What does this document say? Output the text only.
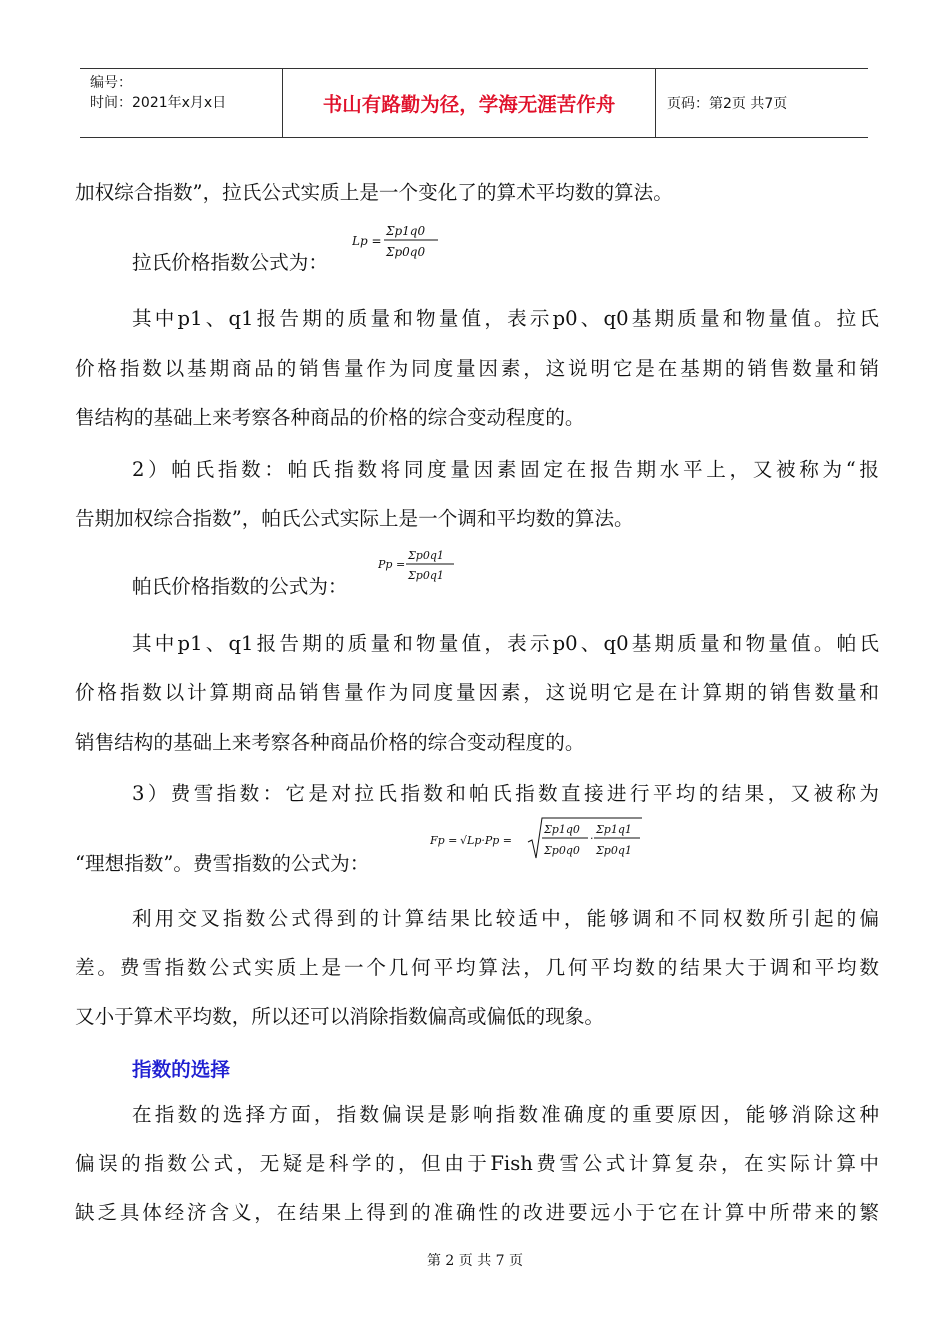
编号：
时间：2021年x月x日	书山有路勤为径，学海无涯苦作舟	页码：第2页 共7页
加权综合指数”，拉氏公式实质上是一个变化了的算术平均数的算法。
拉氏价格指数公式为：
Lp =
Σp1q0
Σp0q0
其中p1、q1报告期的质量和物量值，表示p0、q0基期质量和物量值。拉氏
价格指数以基期商品的销售量作为同度量因素，这说明它是在基期的销售数量和销
售结构的基础上来考察各种商品的价格的综合变动程度的。
2）帕氏指数：帕氏指数将同度量因素固定在报告期水平上，又被称为“报
告期加权综合指数”，帕氏公式实际上是一个调和平均数的算法。
帕氏价格指数的公式为：
Pp =
Σp0q1
Σp0q1
其中p1、q1报告期的质量和物量值，表示p0、q0基期质量和物量值。帕氏
价格指数以计算期商品销售量作为同度量因素，这说明它是在计算期的销售数量和
销售结构的基础上来考察各种商品价格的综合变动程度的。
3）费雪指数：它是对拉氏指数和帕氏指数直接进行平均的结果，又被称为
“理想指数”。费雪指数的公式为：
Fp = √Lp·Pp =
Σp1q0
Σp0q0
·
Σp1q1
Σp0q1
利用交叉指数公式得到的计算结果比较适中，能够调和不同权数所引起的偏
差。费雪指数公式实质上是一个几何平均算法，几何平均数的结果大于调和平均数
又小于算术平均数，所以还可以消除指数偏高或偏低的现象。
指数的选择
在指数的选择方面，指数偏误是影响指数准确度的重要原因，能够消除这种
偏误的指数公式，无疑是科学的，但由于Fish费雪公式计算复杂，在实际计算中
缺乏具体经济含义，在结果上得到的准确性的改进要远小于它在计算中所带来的繁
第 2 页 共 7 页
